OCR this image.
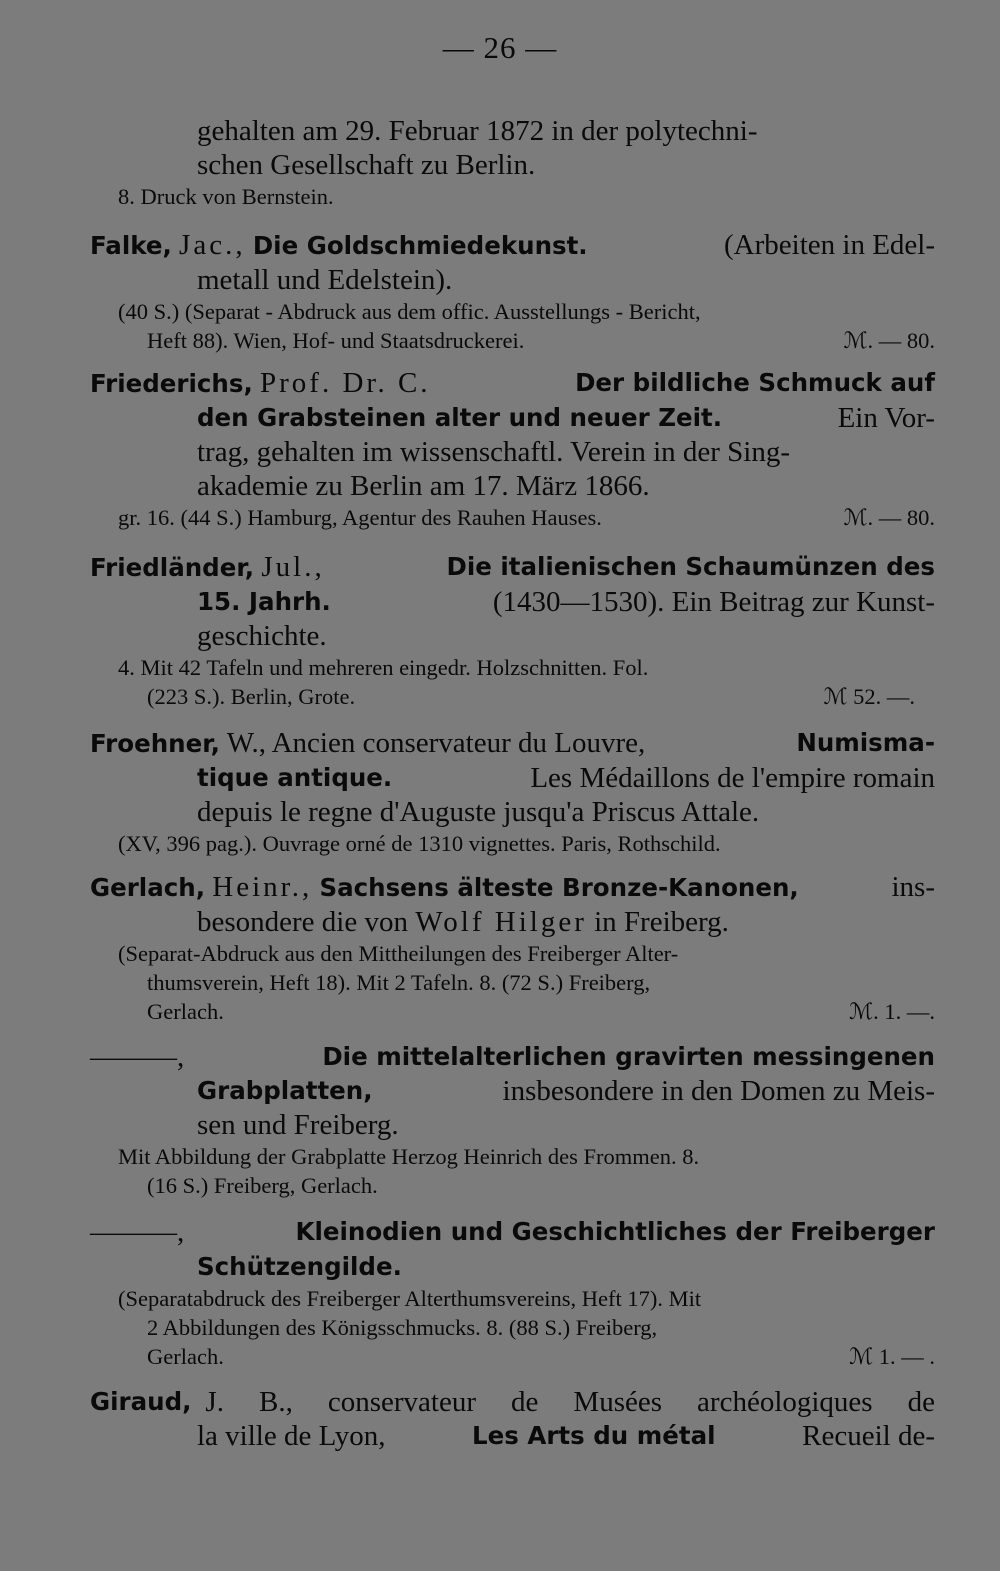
— 26 —
gehalten am 29. Februar 1872 in der polytechni-
schen Gesellschaft zu Berlin.
8. Druck von Bernstein.
Falke, Jac., Die Goldschmiedekunst.	(Arbeiten in Edel-
metall und Edelstein).
(40 S.) (Separat - Abdruck aus dem offic. Ausstellungs - Bericht,
Heft 88). Wien, Hof- und Staatsdruckerei.	ℳ. — 80.
Friederichs, Prof. Dr. C.	Der bildliche Schmuck auf
den Grabsteinen alter und neuer Zeit.	Ein Vor-
trag, gehalten im wissenschaftl. Verein in der Sing-
akademie zu Berlin am 17. März 1866.
gr. 16. (44 S.) Hamburg, Agentur des Rauhen Hauses.	ℳ. — 80.
Friedländer, Jul.,	Die italienischen Schaumünzen des
15. Jahrh.	(1430—1530). Ein Beitrag zur Kunst-
geschichte.
4. Mit 42 Tafeln und mehreren eingedr. Holzschnitten. Fol.
(223 S.). Berlin, Grote.	ℳ 52. —.
Froehner, W., Ancien conservateur du Louvre,	Numisma-
tique antique.	Les Médaillons de l'empire romain
depuis le regne d'Auguste jusqu'a Priscus Attale.
(XV, 396 pag.). Ouvrage orné de 1310 vignettes. Paris, Rothschild.
Gerlach, Heinr., Sachsens älteste Bronze-Kanonen,	ins-
besondere die von Wolf Hilger in Freiberg.
(Separat-Abdruck aus den Mittheilungen des Freiberger Alter-
thumsverein, Heft 18). Mit 2 Tafeln. 8. (72 S.) Freiberg,
Gerlach.	ℳ. 1. —.
———,	Die mittelalterlichen gravirten messingenen
Grabplatten,	insbesondere in den Domen zu Meis-
sen und Freiberg.
Mit Abbildung der Grabplatte Herzog Heinrich des Frommen. 8.
(16 S.) Freiberg, Gerlach.
———,	Kleinodien und Geschichtliches der Freiberger
Schützengilde.
(Separatabdruck des Freiberger Alterthumsvereins, Heft 17). Mit
2 Abbildungen des Königsschmucks. 8. (88 S.) Freiberg,
Gerlach.	ℳ 1. — .
Giraud, J. B., conservateur de Musées archéologiques de
la ville de Lyon,	Les Arts du métal	Recueil de-
